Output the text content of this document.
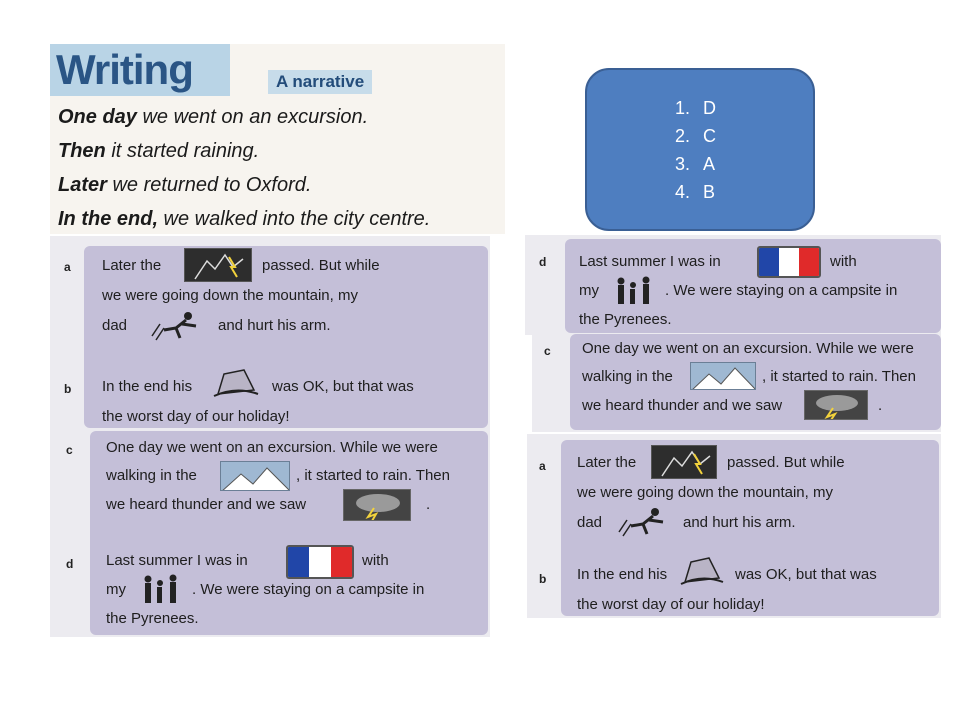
Writing	A narrative
One day we went on an excursion.
Then it started raining.
Later we returned to Oxford.
In the end, we walked into the city centre.
1. D
2. C
3. A
4. B
a Later the	passed. But while
we were going down the mountain, my
dad	and hurt his arm.
b In the end his	was OK, but that was
the worst day of our holiday!
c One day we went on an excursion. While we were
walking in the	, it started to rain. Then
we heard thunder and we saw	.
d Last summer I was in	with
my	. We were staying on a campsite in
the Pyrenees.
d Last summer I was in	with
my	. We were staying on a campsite in
the Pyrenees.
c One day we went on an excursion. While we were
walking in the	, it started to rain. Then
we heard thunder and we saw	.
a Later the	passed. But while
we were going down the mountain, my
dad	and hurt his arm.
b In the end his	was OK, but that was
the worst day of our holiday!
